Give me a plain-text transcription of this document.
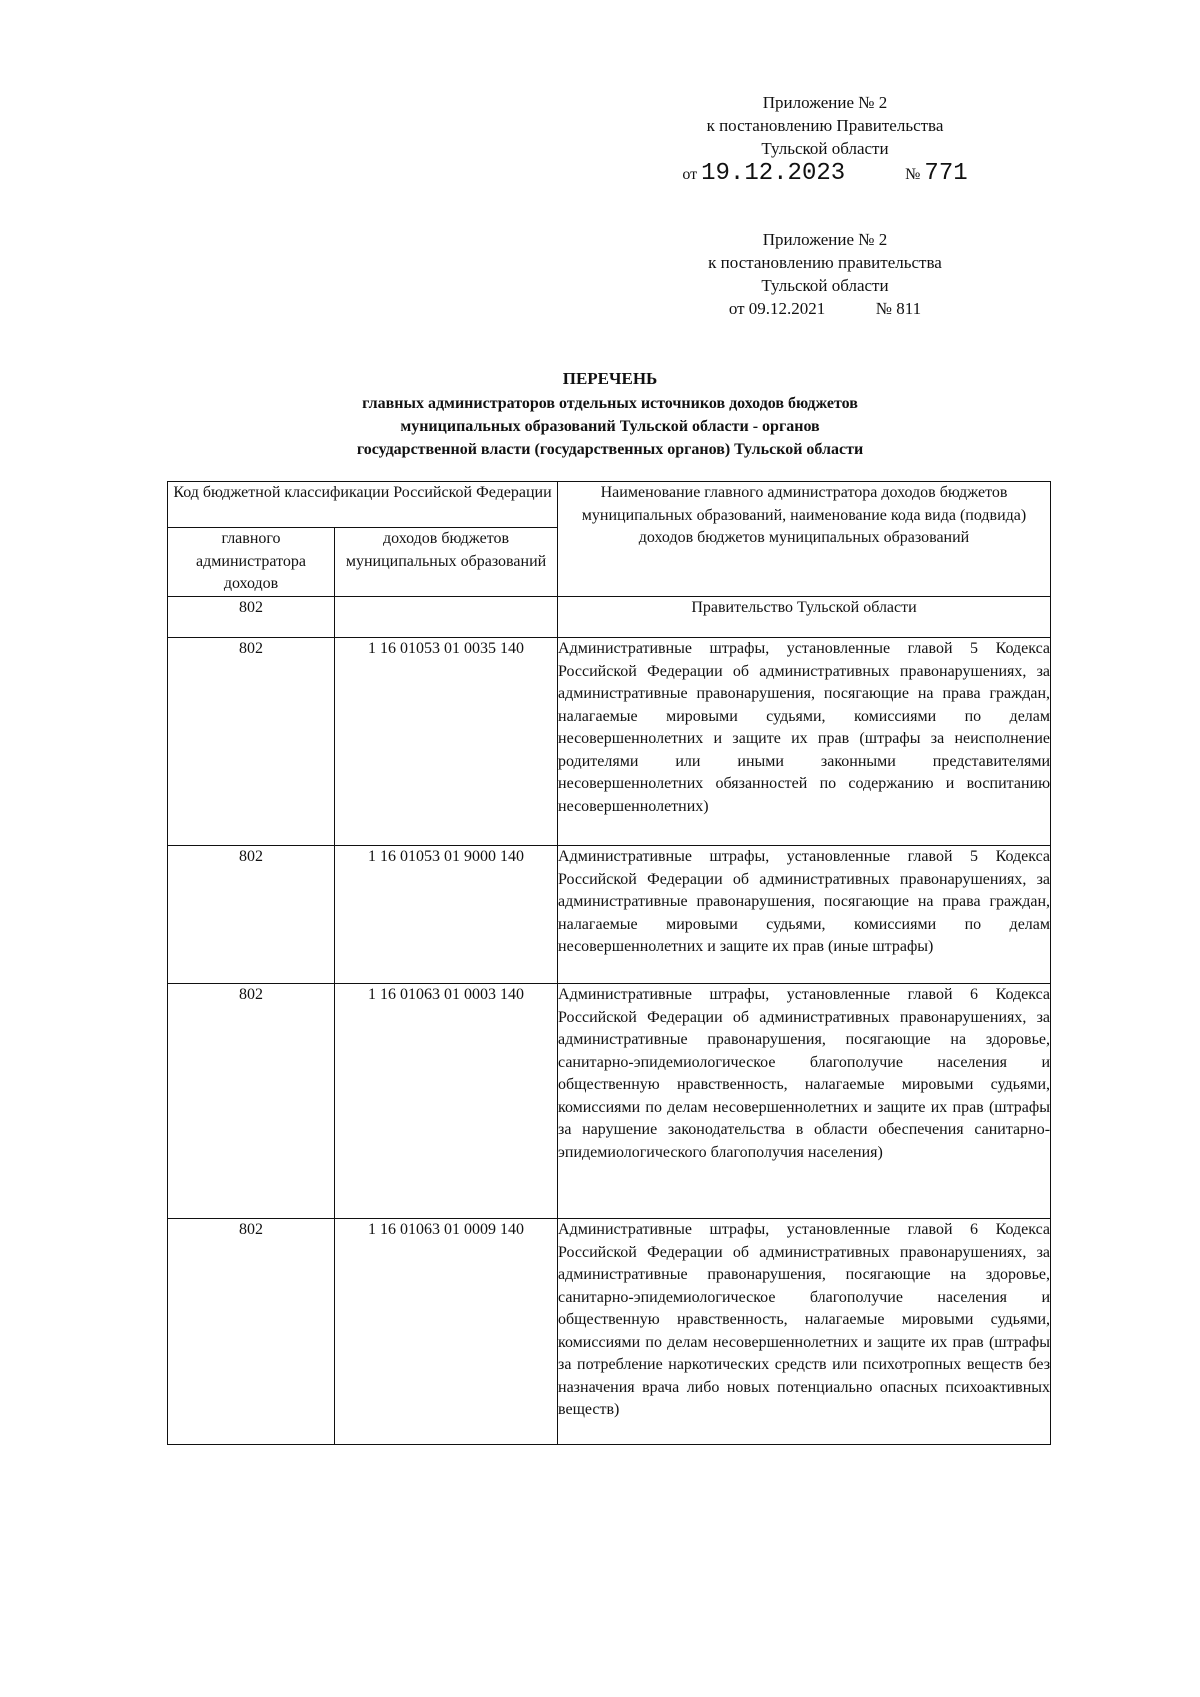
Приложение № 2
к постановлению Правительства
Тульской области
от 19.12.2023	№ 771
Приложение № 2
к постановлению правительства
Тульской области
от 09.12.2021	№ 811
ПЕРЕЧЕНЬ
главных администраторов отдельных источников доходов бюджетов
муниципальных образований Тульской области - органов
государственной власти (государственных органов) Тульской области
Код бюджетной классификации Российской Федерации		Наименование главного администратора доходов бюджетов муниципальных образований, наименование кода вида (подвида) доходов бюджетов муниципальных образований
главного администратора доходов	доходов бюджетов муниципальных образований	
802		Правительство Тульской области
802	1 16 01053 01 0035 140	Административные штрафы, установленные главой 5 Кодекса Российской Федерации об административных правонарушениях, за административные правонарушения, посягающие на права граждан, налагаемые мировыми судьями, комиссиями по делам несовершеннолетних и защите их прав (штрафы за неисполнение родителями или иными законными представителями несовершеннолетних обязанностей по содержанию и воспитанию несовершеннолетних)
802	1 16 01053 01 9000 140	Административные штрафы, установленные главой 5 Кодекса Российской Федерации об административных правонарушениях, за административные правонарушения, посягающие на права граждан, налагаемые мировыми судьями, комиссиями по делам несовершеннолетних и защите их прав (иные штрафы)
802	1 16 01063 01 0003 140	Административные штрафы, установленные главой 6 Кодекса Российской Федерации об административных правонарушениях, за административные правонарушения, посягающие на здоровье, санитарно-эпидемиологическое благополучие населения и общественную нравственность, налагаемые мировыми судьями, комиссиями по делам несовершеннолетних и защите их прав (штрафы за нарушение законодательства в области обеспечения санитарно-эпидемиологического благополучия населения)
802	1 16 01063 01 0009 140	Административные штрафы, установленные главой 6 Кодекса Российской Федерации об административных правонарушениях, за административные правонарушения, посягающие на здоровье, санитарно-эпидемиологическое благополучие населения и общественную нравственность, налагаемые мировыми судьями, комиссиями по делам несовершеннолетних и защите их прав (штрафы за потребление наркотических средств или психотропных веществ без назначения врача либо новых потенциально опасных психоактивных веществ)
